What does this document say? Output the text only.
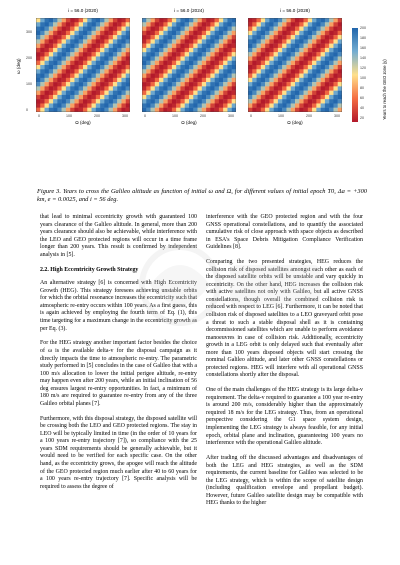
i = 56.0 (2020)
ω (deg)
Ω (deg)
i = 56.0 (2024)
Ω (deg)
i = 56.0 (2028)
Ω (deg)
0	100	200	300	0	100	200	300	0	100	200	300
300
200
100
0
200
180
160
140
120
100
80
60
40
20	Years to reach the GEO zone (y)
Figure 3. Years to cross the Galileo altitude as function of initial ω and Ω, for different values of initial epoch T0, Δa = +300 km, e = 0.0025, and i = 56 deg.

that lead to minimal eccentricity growth with guaranteed 100 years clearance of the Galileo altitude. In general, more than 200 years clearance should also be achievable, while interference with the LEO and GEO protected regions will occur in a time frame longer than 200 years. This result is confirmed by independent analysis in [5].

2.2. High Eccentricity Growth Strategy

An alternative strategy [6] is concerned with High Eccentricity Growth (HEG). This strategy foresees achieving unstable orbits for which the orbital resonance increases the eccentricity such that atmospheric re-entry occurs within 100 years. As a first guess, this is again achieved by employing the fourth term of Eq. (1), this time targeting for a maximum change in the eccentricity growth as per Eq. (3).

For the HEG strategy another important factor besides the choice of ω is the available delta-v for the disposal campaign as it directly impacts the time to atmospheric re-entry. The parametric study performed in [5] concludes in the case of Galileo that with a 100 m/s allocation to lower the initial perigee altitude, re-entry may happen even after 200 years, while an initial inclination of 56 deg ensures largest re-entry opportunities. In fact, a minimum of 180 m/s are required to guarantee re-entry from any of the three Galileo orbital planes [7].

Furthermore, with this disposal strategy, the disposed satellite will be crossing both the LEO and GEO protected regions. The stay in LEO will be typically limited in time (in the order of 10 years for a 100 years re-entry trajectory [7]), so compliance with the 25 years SDM requirements should be generally achievable, but it would need to be verified for each specific case. On the other hand, as the eccentricity grows, the apogee will reach the altitude of the GEO protected region much earlier after 40 to 60 years for a 100 years re-entry trajectory [7]. Specific analysis will be required to assess the degree of

interference with the GEO protected region and with the four GNSS operational constellations, and to quantify the associated cumulative risk of close approach with space objects as described in ESA's Space Debris Mitigation Compliance Verification Guidelines [8].

Comparing the two presented strategies, HEG reduces the collision risk of disposed satellites amongst each other as each of the disposed satellite orbits will be unstable and vary quickly in eccentricity. On the other hand, HEG increases the collision risk with active satellites not only with Galileo, but all active GNSS constellations, though overall the combined collision risk is reduced with respect to LEG [6]. Furthermore, it can be noted that collision risk of disposed satellites to a LEO graveyard orbit pose a threat to such a stable disposal shell as it is containing decommissioned satellites which are unable to perform avoidance manoeuvres in case of collision risk. Additionally, eccentricity growth in a LEG orbit is only delayed such that eventually after more than 100 years disposed objects will start crossing the nominal Galileo altitude, and later other GNSS constellations or protected regions. HEG will interfere with all operational GNSS constellations shortly after the disposal.

One of the main challenges of the HEG strategy is its large delta-v requirement. The delta-v required to guarantee a 100 year re-entry is around 200 m/s, considerably higher than the approximately required 18 m/s for the LEG strategy. Thus, from an operational perspective considering the G1 space system design, implementing the LEG strategy is always feasible, for any initial epoch, orbital plane and inclination, guaranteeing 100 years no interference with the operational Galileo altitude.

After trading off the discussed advantages and disadvantages of both the LEG and HEG strategies, as well as the SDM requirements, the current baseline for Galileo was selected to be the LEG strategy, which is within the scope of satellite design (including qualification envelope and propellant budget). However, future Galileo satellite design may be compatible with HEG thanks to the higher
